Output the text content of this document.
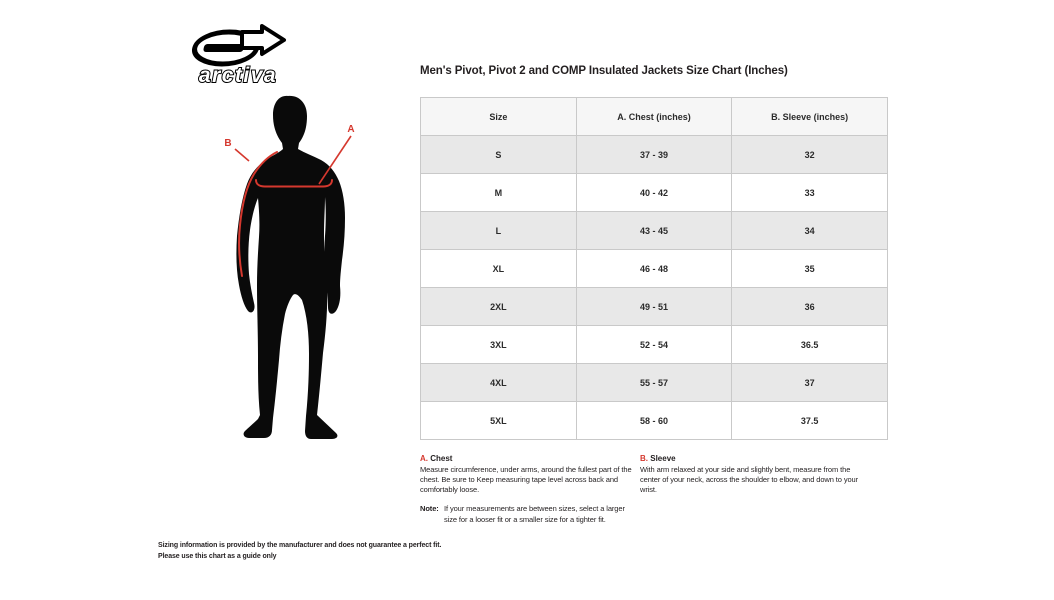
arctiva
A
B
Men's Pivot, Pivot 2 and COMP Insulated Jackets Size Chart (Inches)
Size	A. Chest (inches)	B. Sleeve (inches)
S	37 - 39	32
M	40 - 42	33
L	43 - 45	34
XL	46 - 48	35
2XL	49 - 51	36
3XL	52 - 54	36.5
4XL	55 - 57	37
5XL	58 - 60	37.5

A. Chest

Measure circumference, under arms, around the fullest part of the chest. Be sure to Keep measuring tape level across back and comfortably loose.

Note: If your measurements are between sizes, select a larger size for a looser fit or a smaller size for a tighter fit.

B. Sleeve

With arm relaxed at your side and slightly bent, measure from the center of your neck, across the shoulder to elbow, and down to your wrist.

Sizing information is provided by the manufacturer and does not guarantee a perfect fit.
Please use this chart as a guide only
